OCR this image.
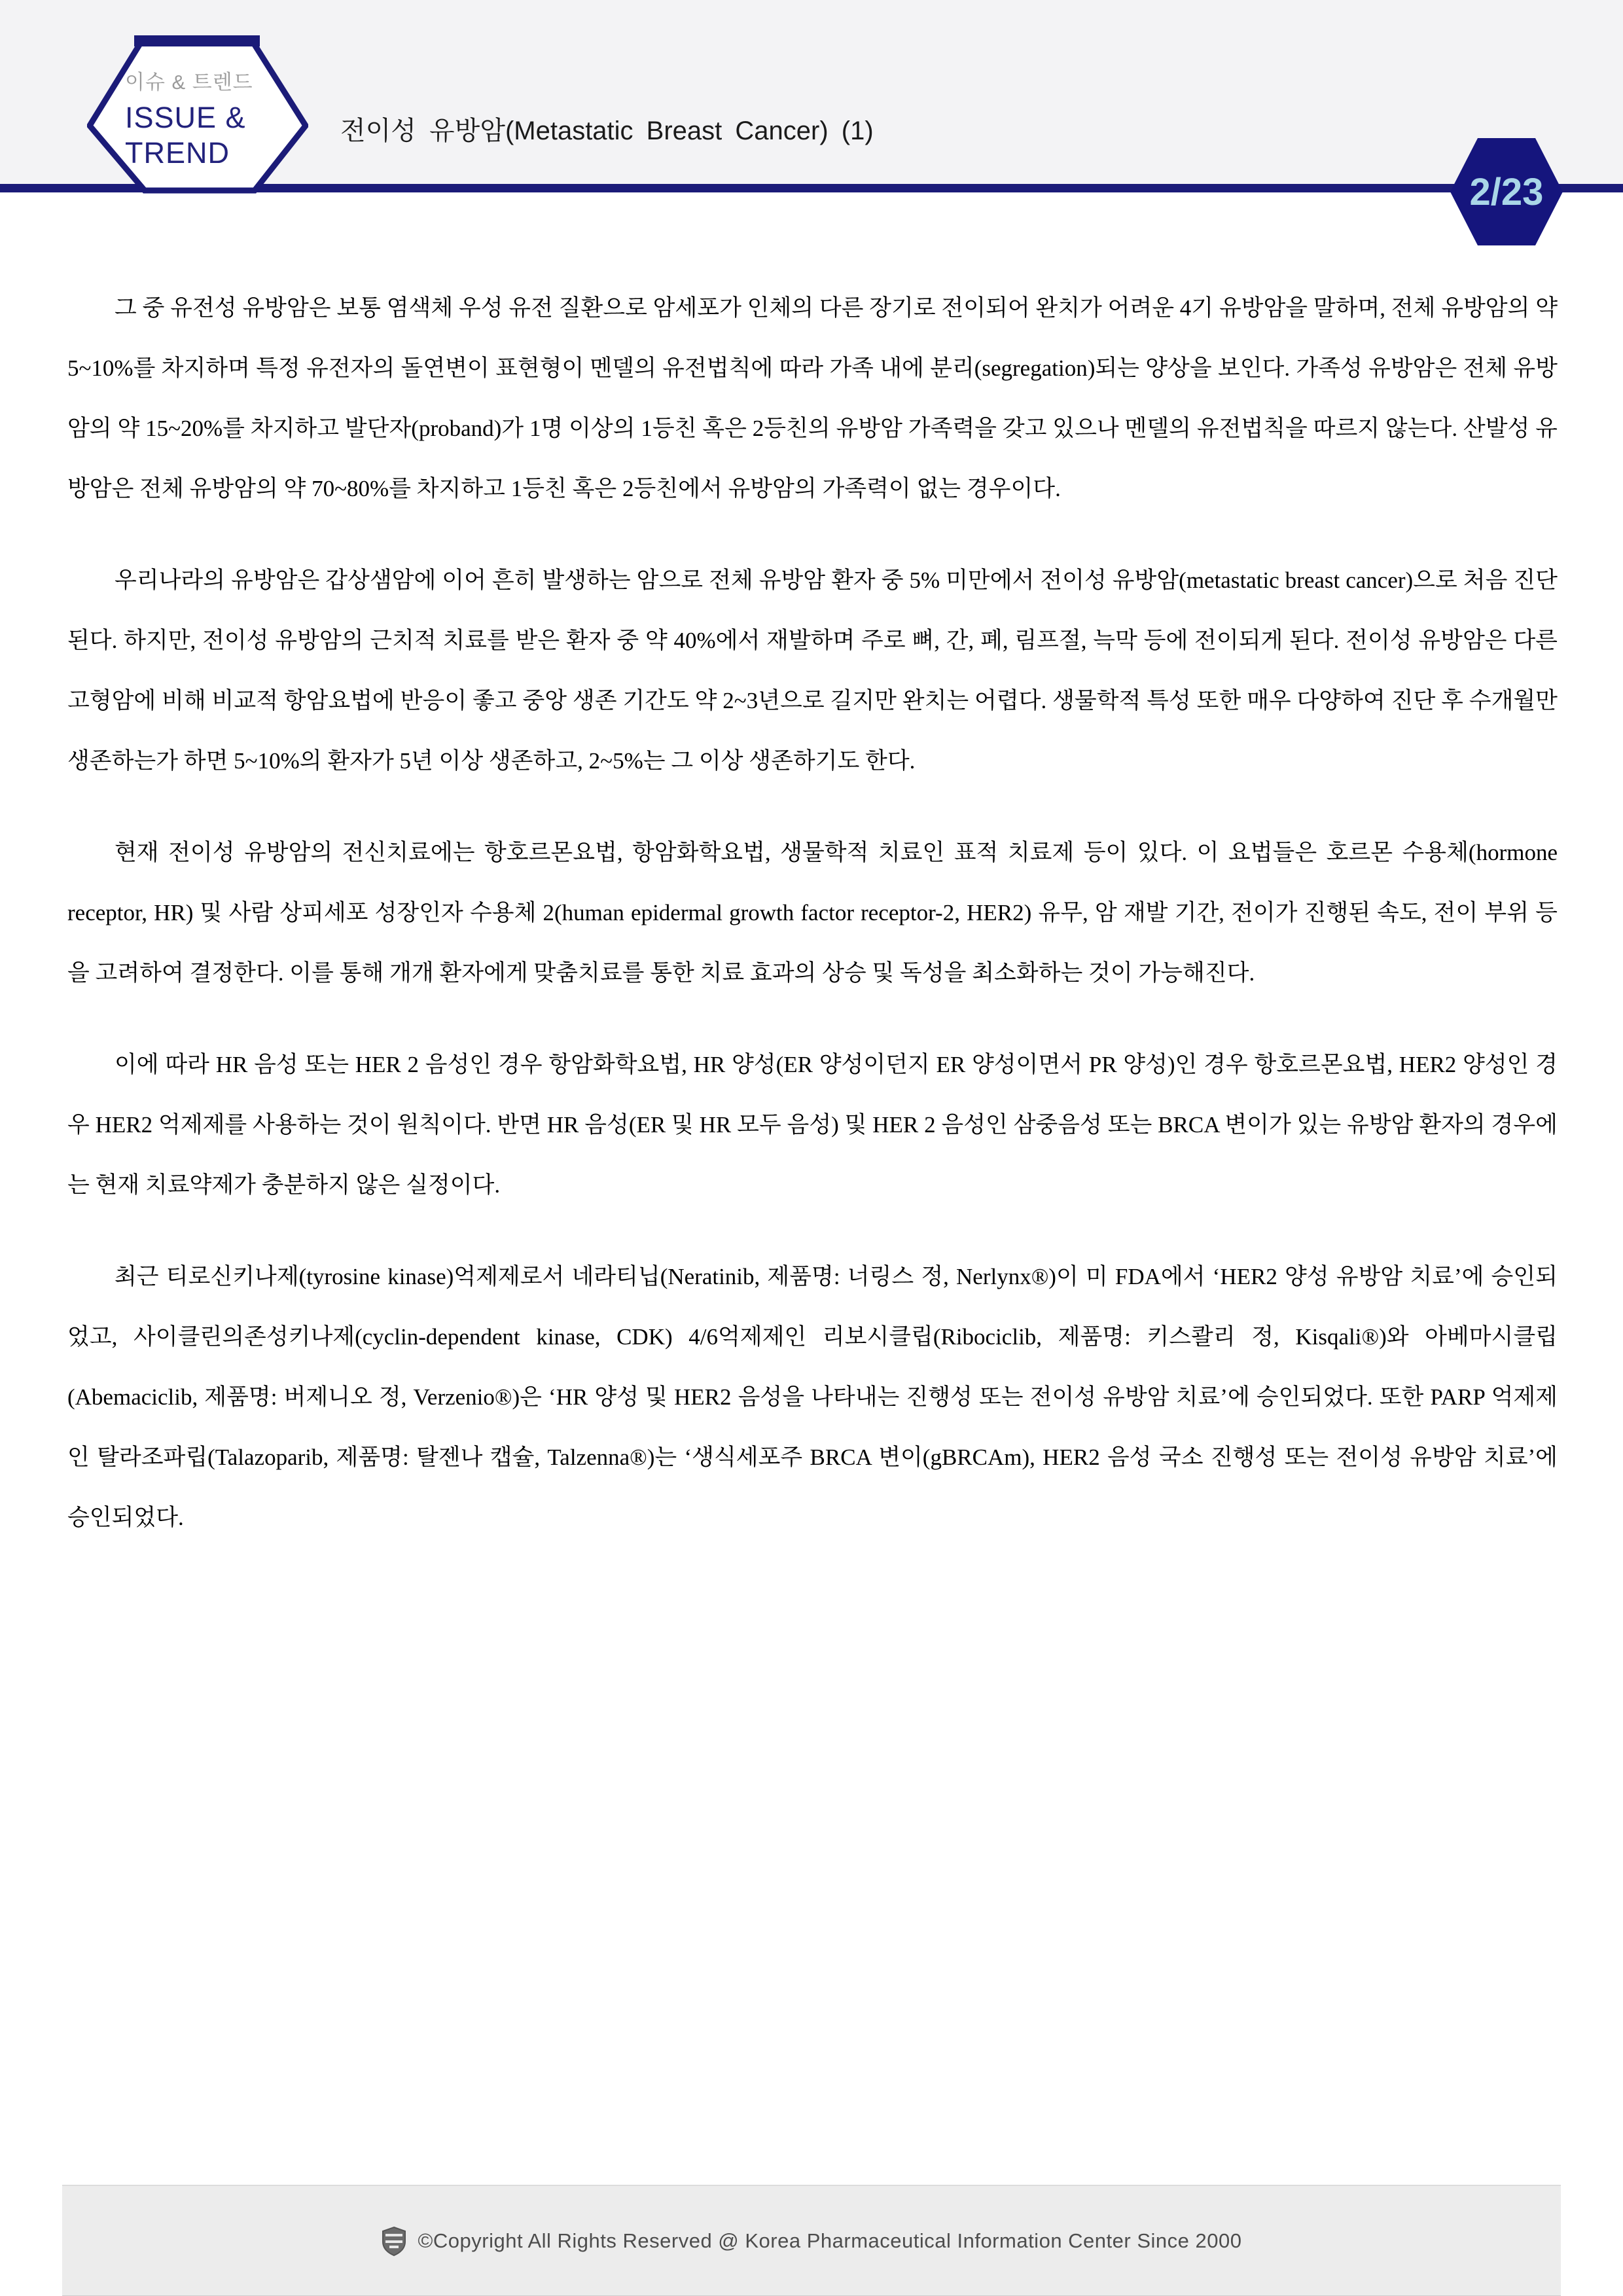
이슈 & 트렌드
ISSUE &
TREND
전이성 유방암(Metastatic Breast Cancer) (1)
2/23

그 중 유전성 유방암은 보통 염색체 우성 유전 질환으로 암세포가 인체의 다른 장기로 전이되어 완치가 어려운 4기 유방암을 말하며, 전체 유방암의 약 5~10%를 차지하며 특정 유전자의 돌연변이 표현형이 멘델의 유전법칙에 따라 가족 내에 분리(segregation)되는 양상을 보인다. 가족성 유방암은 전체 유방암의 약 15~20%를 차지하고 발단자(proband)가 1명 이상의 1등친 혹은 2등친의 유방암 가족력을 갖고 있으나 멘델의 유전법칙을 따르지 않는다. 산발성 유방암은 전체 유방암의 약 70~80%를 차지하고 1등친 혹은 2등친에서 유방암의 가족력이 없는 경우이다.

우리나라의 유방암은 갑상샘암에 이어 흔히 발생하는 암으로 전체 유방암 환자 중 5% 미만에서 전이성 유방암(metastatic breast cancer)으로 처음 진단된다. 하지만, 전이성 유방암의 근치적 치료를 받은 환자 중 약 40%에서 재발하며 주로 뼈, 간, 폐, 림프절, 늑막 등에 전이되게 된다. 전이성 유방암은 다른 고형암에 비해 비교적 항암요법에 반응이 좋고 중앙 생존 기간도 약 2~3년으로 길지만 완치는 어렵다. 생물학적 특성 또한 매우 다양하여 진단 후 수개월만 생존하는가 하면 5~10%의 환자가 5년 이상 생존하고, 2~5%는 그 이상 생존하기도 한다.

현재 전이성 유방암의 전신치료에는 항호르몬요법, 항암화학요법, 생물학적 치료인 표적 치료제 등이 있다. 이 요법들은 호르몬 수용체(hormone receptor, HR) 및 사람 상피세포 성장인자 수용체 2(human epidermal growth factor receptor-2, HER2) 유무, 암 재발 기간, 전이가 진행된 속도, 전이 부위 등을 고려하여 결정한다. 이를 통해 개개 환자에게 맞춤치료를 통한 치료 효과의 상승 및 독성을 최소화하는 것이 가능해진다.

이에 따라 HR 음성 또는 HER 2 음성인 경우 항암화학요법, HR 양성(ER 양성이던지 ER 양성이면서 PR 양성)인 경우 항호르몬요법, HER2 양성인 경우 HER2 억제제를 사용하는 것이 원칙이다. 반면 HR 음성(ER 및 HR 모두 음성) 및 HER 2 음성인 삼중음성 또는 BRCA 변이가 있는 유방암 환자의 경우에는 현재 치료약제가 충분하지 않은 실정이다.

최근 티로신키나제(tyrosine kinase)억제제로서 네라티닙(Neratinib, 제품명: 너링스 정, Nerlynx®)이 미 FDA에서 ‘HER2 양성 유방암 치료’에 승인되었고, 사이클린의존성키나제(cyclin-dependent kinase, CDK) 4/6억제제인 리보시클립(Ribociclib, 제품명: 키스콸리 정, Kisqali®)와 아베마시클립(Abemaciclib, 제품명: 버제니오 정, Verzenio®)은 ‘HR 양성 및 HER2 음성을 나타내는 진행성 또는 전이성 유방암 치료’에 승인되었다. 또한 PARP 억제제인 탈라조파립(Talazoparib, 제품명: 탈젠나 캡슐, Talzenna®)는 ‘생식세포주 BRCA 변이(gBRCAm), HER2 음성 국소 진행성 또는 전이성 유방암 치료’에 승인되었다.

©Copyright All Rights Reserved @ Korea Pharmaceutical Information Center Since 2000
